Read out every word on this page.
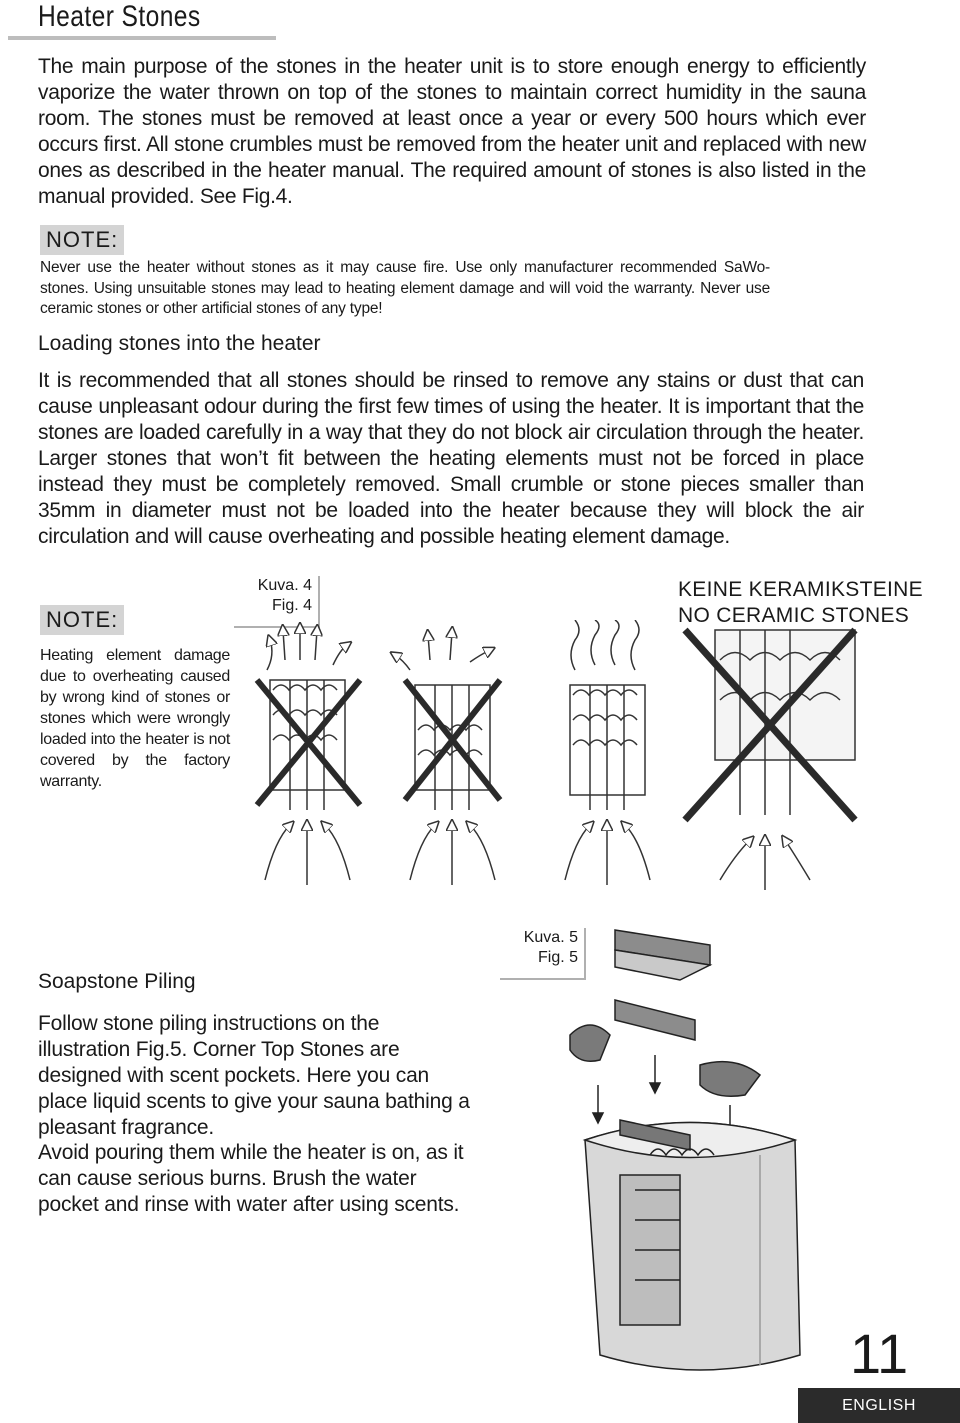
Heater Stones
The main purpose of the stones in the heater unit is to store enough energy to efficiently vaporize the water thrown on top of the stones to maintain correct humidity in the sauna room. The stones must be removed at least once a year or every 500 hours which ever occurs first. All stone crumbles must be removed from the heater unit and replaced with new ones as described in the heater manual. The required amount of stones is also listed in the manual provided. See Fig.4.
NOTE:
Never use the heater without stones as it may cause fire. Use only manufacturer recommended SaWo-stones. Using unsuitable stones may lead to heating element damage and will void the warranty. Never use ceramic stones or other artificial stones of any type!
Loading stones into the heater
It is recommended that all stones should be rinsed to remove any stains or dust that can cause unpleasant odour during the first few times of using the heater. It is important that the stones are loaded carefully in a way that they do not block air circulation through the heater. Larger stones that won’t fit between the heating elements must not be forced in place instead they must be completely removed. Small crumble or stone pieces smaller than 35mm in diameter must not be loaded into the heater because they will block the air circulation and will cause overheating and possible heating element damage.
NOTE:
Heating element damage due to overheating caused by wrong kind of stones or stones which were wrongly loaded into the heater is not covered by the factory warranty.
Kuva. 4
Fig. 4
KEINE KERAMIKSTEINE
NO CERAMIC STONES
Kuva. 5
Fig. 5
Soapstone Piling
Follow stone piling instructions on the illustration Fig.5. Corner Top Stones are designed with scent pockets. Here you can place liquid scents to give your sauna bathing a pleasant fragrance.
Avoid pouring them while the heater is on, as it can cause serious burns. Brush the water pocket and rinse with water after using scents.
11
ENGLISH
